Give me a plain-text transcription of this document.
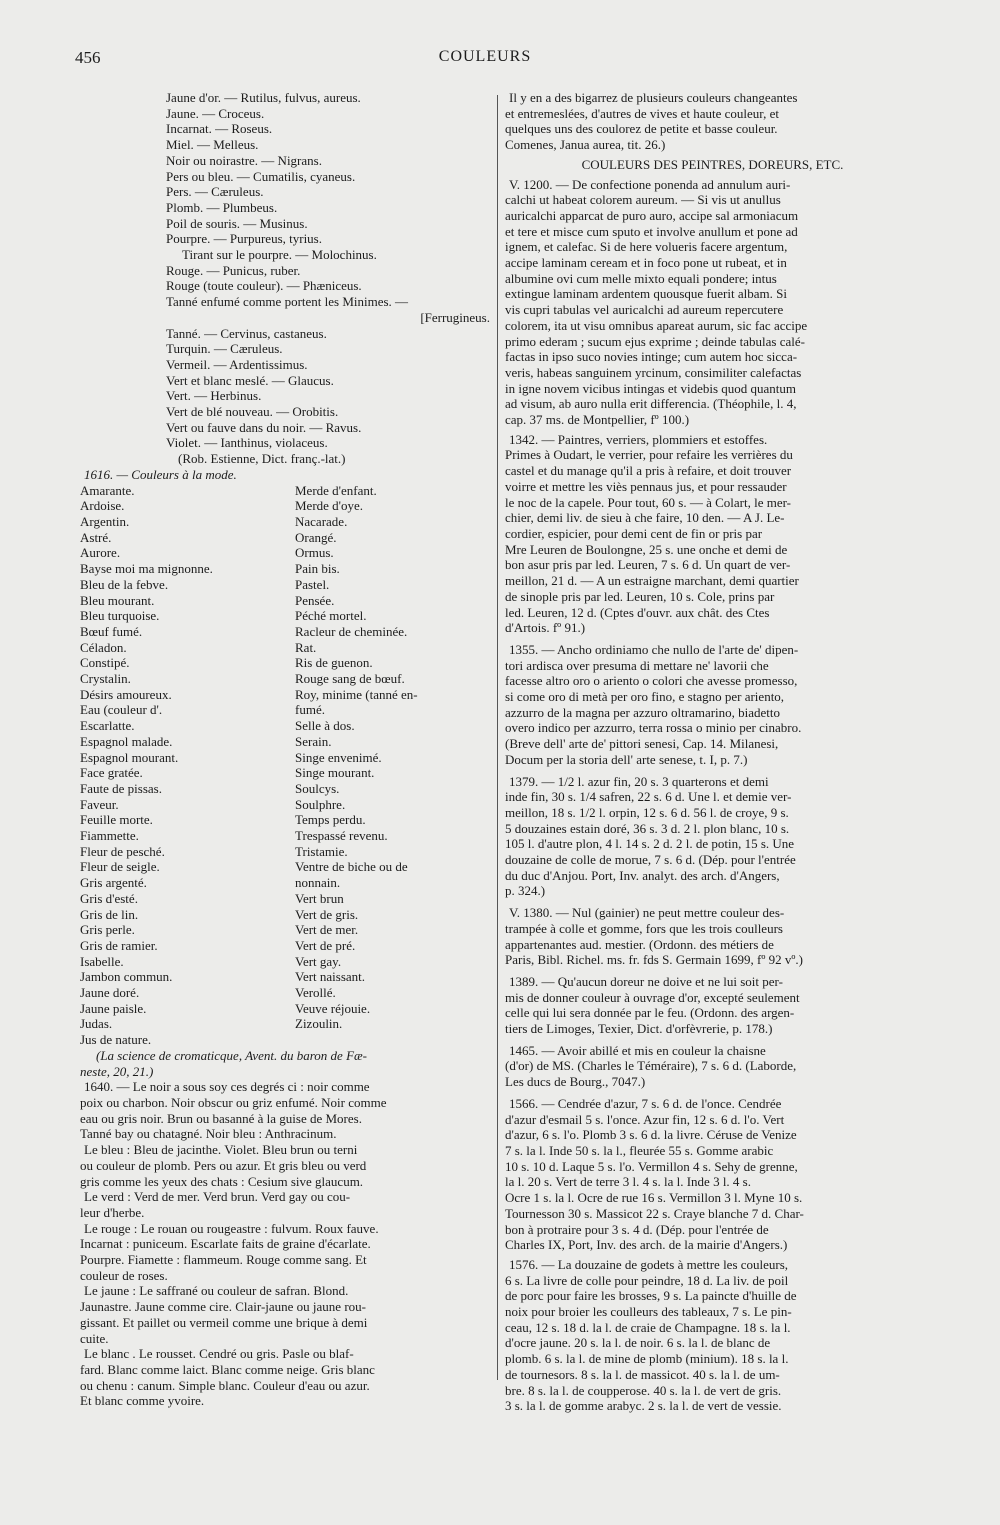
456	COULEURS
Jaune d'or. — Rutilus, fulvus, aureus.
Jaune. — Croceus.
Incarnat. — Roseus.
Miel. — Melleus.
Noir ou noirastre. — Nigrans.
Pers ou bleu. — Cumatilis, cyaneus.
Pers. — Cæruleus.
Plomb. — Plumbeus.
Poil de souris. — Musinus.
Pourpre. — Purpureus, tyrius.
Tirant sur le pourpre. — Molochinus.
Rouge. — Punicus, ruber.
Rouge (toute couleur). — Phæniceus.
Tanné enfumé comme portent les Minimes. —
[Ferrugineus.
Tanné. — Cervinus, castaneus.
Turquin. — Cæruleus.
Vermeil. — Ardentissimus.
Vert et blanc meslé. — Glaucus.
Vert. — Herbinus.
Vert de blé nouveau. — Orobitis.
Vert ou fauve dans du noir. — Ravus.
Violet. — Ianthinus, violaceus.
(Rob. Estienne, Dict. franç.-lat.)
1616. — Couleurs à la mode.
Amarante.	Merde d'enfant.
Ardoise.	Merde d'oye.
Argentin.	Nacarade.
Astré.	Orangé.
Aurore.	Ormus.
Bayse moi ma mignonne.	Pain bis.
Bleu de la febve.	Pastel.
Bleu mourant.	Pensée.
Bleu turquoise.	Péché mortel.
Bœuf fumé.	Racleur de cheminée.
Céladon.	Rat.
Constipé.	Ris de guenon.
Crystalin.	Rouge sang de bœuf.
Désirs amoureux.	Roy, minime (tanné en-
Eau (couleur d'.	fumé.
Escarlatte.	Selle à dos.
Espagnol malade.	Serain.
Espagnol mourant.	Singe envenimé.
Face gratée.	Singe mourant.
Faute de pissas.	Soulcys.
Faveur.	Soulphre.
Feuille morte.	Temps perdu.
Fiammette.	Trespassé revenu.
Fleur de pesché.	Tristamie.
Fleur de seigle.	Ventre de biche ou de
Gris argenté.	nonnain.
Gris d'esté.	Vert brun
Gris de lin.	Vert de gris.
Gris perle.	Vert de mer.
Gris de ramier.	Vert de pré.
Isabelle.	Vert gay.
Jambon commun.	Vert naissant.
Jaune doré.	Verollé.
Jaune paisle.	Veuve réjouie.
Judas.	Zizoulin.
Jus de nature.
(La science de cromaticque, Avent. du baron de Fæ-
neste, 20, 21.)
1640. — Le noir a sous soy ces degrés ci : noir comme
poix ou charbon. Noir obscur ou griz enfumé. Noir comme
eau ou gris noir. Brun ou basanné à la guise de Mores.
Tanné bay ou chatagné. Noir bleu : Anthracinum.
Le bleu : Bleu de jacinthe. Violet. Bleu brun ou terni
ou couleur de plomb. Pers ou azur. Et gris bleu ou verd
gris comme les yeux des chats : Cesium sive glaucum.
Le verd : Verd de mer. Verd brun. Verd gay ou cou-
leur d'herbe.
Le rouge : Le rouan ou rougeastre : fulvum. Roux fauve.
Incarnat : puniceum. Escarlate faits de graine d'écarlate.
Pourpre. Fiamette : flammeum. Rouge comme sang. Et
couleur de roses.
Le jaune : Le saffrané ou couleur de safran. Blond.
Jaunastre. Jaune comme cire. Clair-jaune ou jaune rou-
gissant. Et paillet ou vermeil comme une brique à demi
cuite.
Le blanc . Le rousset. Cendré ou gris. Pasle ou blaf-
fard. Blanc comme laict. Blanc comme neige. Gris blanc
ou chenu : canum. Simple blanc. Couleur d'eau ou azur.
Et blanc comme yvoire.
Il y en a des bigarrez de plusieurs couleurs changeantes
et entremeslées, d'autres de vives et haute couleur, et
quelques uns des coulorez de petite et basse couleur.
Comenes, Janua aurea, tit. 26.)
COULEURS DES PEINTRES, DOREURS, ETC.
V. 1200. — De confectione ponenda ad annulum auri-
calchi ut habeat colorem aureum. — Si vis ut anullus
auricalchi apparcat de puro auro, accipe sal armoniacum
et tere et misce cum sputo et involve anullum et pone ad
ignem, et calefac. Si de here volueris facere argentum,
accipe laminam ceream et in foco pone ut rubeat, et in
albumine ovi cum melle mixto equali pondere; intus
extingue laminam ardentem quousque fuerit albam. Si
vis cupri tabulas vel auricalchi ad aureum repercutere
colorem, ita ut visu omnibus apareat aurum, sic fac accipe
primo ederam ; sucum ejus exprime ; deinde tabulas calé-
factas in ipso suco novies intinge; cum autem hoc sicca-
veris, habeas sanguinem yrcinum, consimiliter calefactas
in igne novem vicibus intingas et videbis quod quantum
ad visum, ab auro nulla erit differencia. (Théophile, l. 4,
cap. 37 ms. de Montpellier, fº 100.)
1342. — Paintres, verriers, plommiers et estoffes.
Primes à Oudart, le verrier, pour refaire les verrières du
castel et du manage qu'il a pris à refaire, et doit trouver
voirre et mettre les viès pennaus jus, et pour ressauder
le noc de la capele. Pour tout, 60 s. — à Colart, le mer-
chier, demi liv. de sieu à che faire, 10 den. — A J. Le-
cordier, espicier, pour demi cent de fin or pris par
Mre Leuren de Boulongne, 25 s. une onche et demi de
bon asur pris par led. Leuren, 7 s. 6 d. Un quart de ver-
meillon, 21 d. — A un estraigne marchant, demi quartier
de sinople pris par led. Leuren, 10 s. Cole, prins par
led. Leuren, 12 d. (Cptes d'ouvr. aux chât. des Ctes
d'Artois. fº 91.)
1355. — Ancho ordiniamo che nullo de l'arte de' dipen-
tori ardisca over presuma di mettare ne' lavorii che
facesse altro oro o ariento o colori che avesse promesso,
si come oro di metà per oro fino, e stagno per ariento,
azzurro de la magna per azzuro oltramarino, biadetto
overo indico per azzurro, terra rossa o minio per cinabro.
(Breve dell' arte de' pittori senesi, Cap. 14. Milanesi,
Docum per la storia dell' arte senese, t. I, p. 7.)
1379. — 1/2 l. azur fin, 20 s. 3 quarterons et demi
inde fin, 30 s. 1/4 safren, 22 s. 6 d. Une l. et demie ver-
meillon, 18 s. 1/2 l. orpin, 12 s. 6 d. 56 l. de croye, 9 s.
5 douzaines estain doré, 36 s. 3 d. 2 l. plon blanc, 10 s.
105 l. d'autre plon, 4 l. 14 s. 2 d. 2 l. de potin, 15 s. Une
douzaine de colle de morue, 7 s. 6 d. (Dép. pour l'entrée
du duc d'Anjou. Port, Inv. analyt. des arch. d'Angers,
p. 324.)
V. 1380. — Nul (gainier) ne peut mettre couleur des-
trampée à colle et gomme, fors que les trois coulleurs
appartenantes aud. mestier. (Ordonn. des métiers de
Paris, Bibl. Richel. ms. fr. fds S. Germain 1699, fº 92 vº.)
1389. — Qu'aucun doreur ne doive et ne lui soit per-
mis de donner couleur à ouvrage d'or, excepté seulement
celle qui lui sera donnée par le feu. (Ordonn. des argen-
tiers de Limoges, Texier, Dict. d'orfèvrerie, p. 178.)
1465. — Avoir abillé et mis en couleur la chaisne
(d'or) de MS. (Charles le Téméraire), 7 s. 6 d. (Laborde,
Les ducs de Bourg., 7047.)
1566. — Cendrée d'azur, 7 s. 6 d. de l'once. Cendrée
d'azur d'esmail 5 s. l'once. Azur fin, 12 s. 6 d. l'o. Vert
d'azur, 6 s. l'o. Plomb 3 s. 6 d. la livre. Céruse de Venize
7 s. la l. Inde 50 s. la l., fleurée 55 s. Gomme arabic
10 s. 10 d. Laque 5 s. l'o. Vermillon 4 s. Sehy de grenne,
la l. 20 s. Vert de terre 3 l. 4 s. la l. Inde 3 l. 4 s.
Ocre 1 s. la l. Ocre de rue 16 s. Vermillon 3 l. Myne 10 s.
Tournesson 30 s. Massicot 22 s. Craye blanche 7 d. Char-
bon à protraire pour 3 s. 4 d. (Dép. pour l'entrée de
Charles IX, Port, Inv. des arch. de la mairie d'Angers.)
1576. — La douzaine de godets à mettre les couleurs,
6 s. La livre de colle pour peindre, 18 d. La liv. de poil
de porc pour faire les brosses, 9 s. La paincte d'huille de
noix pour broier les coulleurs des tableaux, 7 s. Le pin-
ceau, 12 s. 18 d. la l. de craie de Champagne. 18 s. la l.
d'ocre jaune. 20 s. la l. de noir. 6 s. la l. de blanc de
plomb. 6 s. la l. de mine de plomb (minium). 18 s. la l.
de tournesors. 8 s. la l. de massicot. 40 s. la l. de um-
bre. 8 s. la l. de coupperose. 40 s. la l. de vert de gris.
3 s. la l. de gomme arabyc. 2 s. la l. de vert de vessie.
